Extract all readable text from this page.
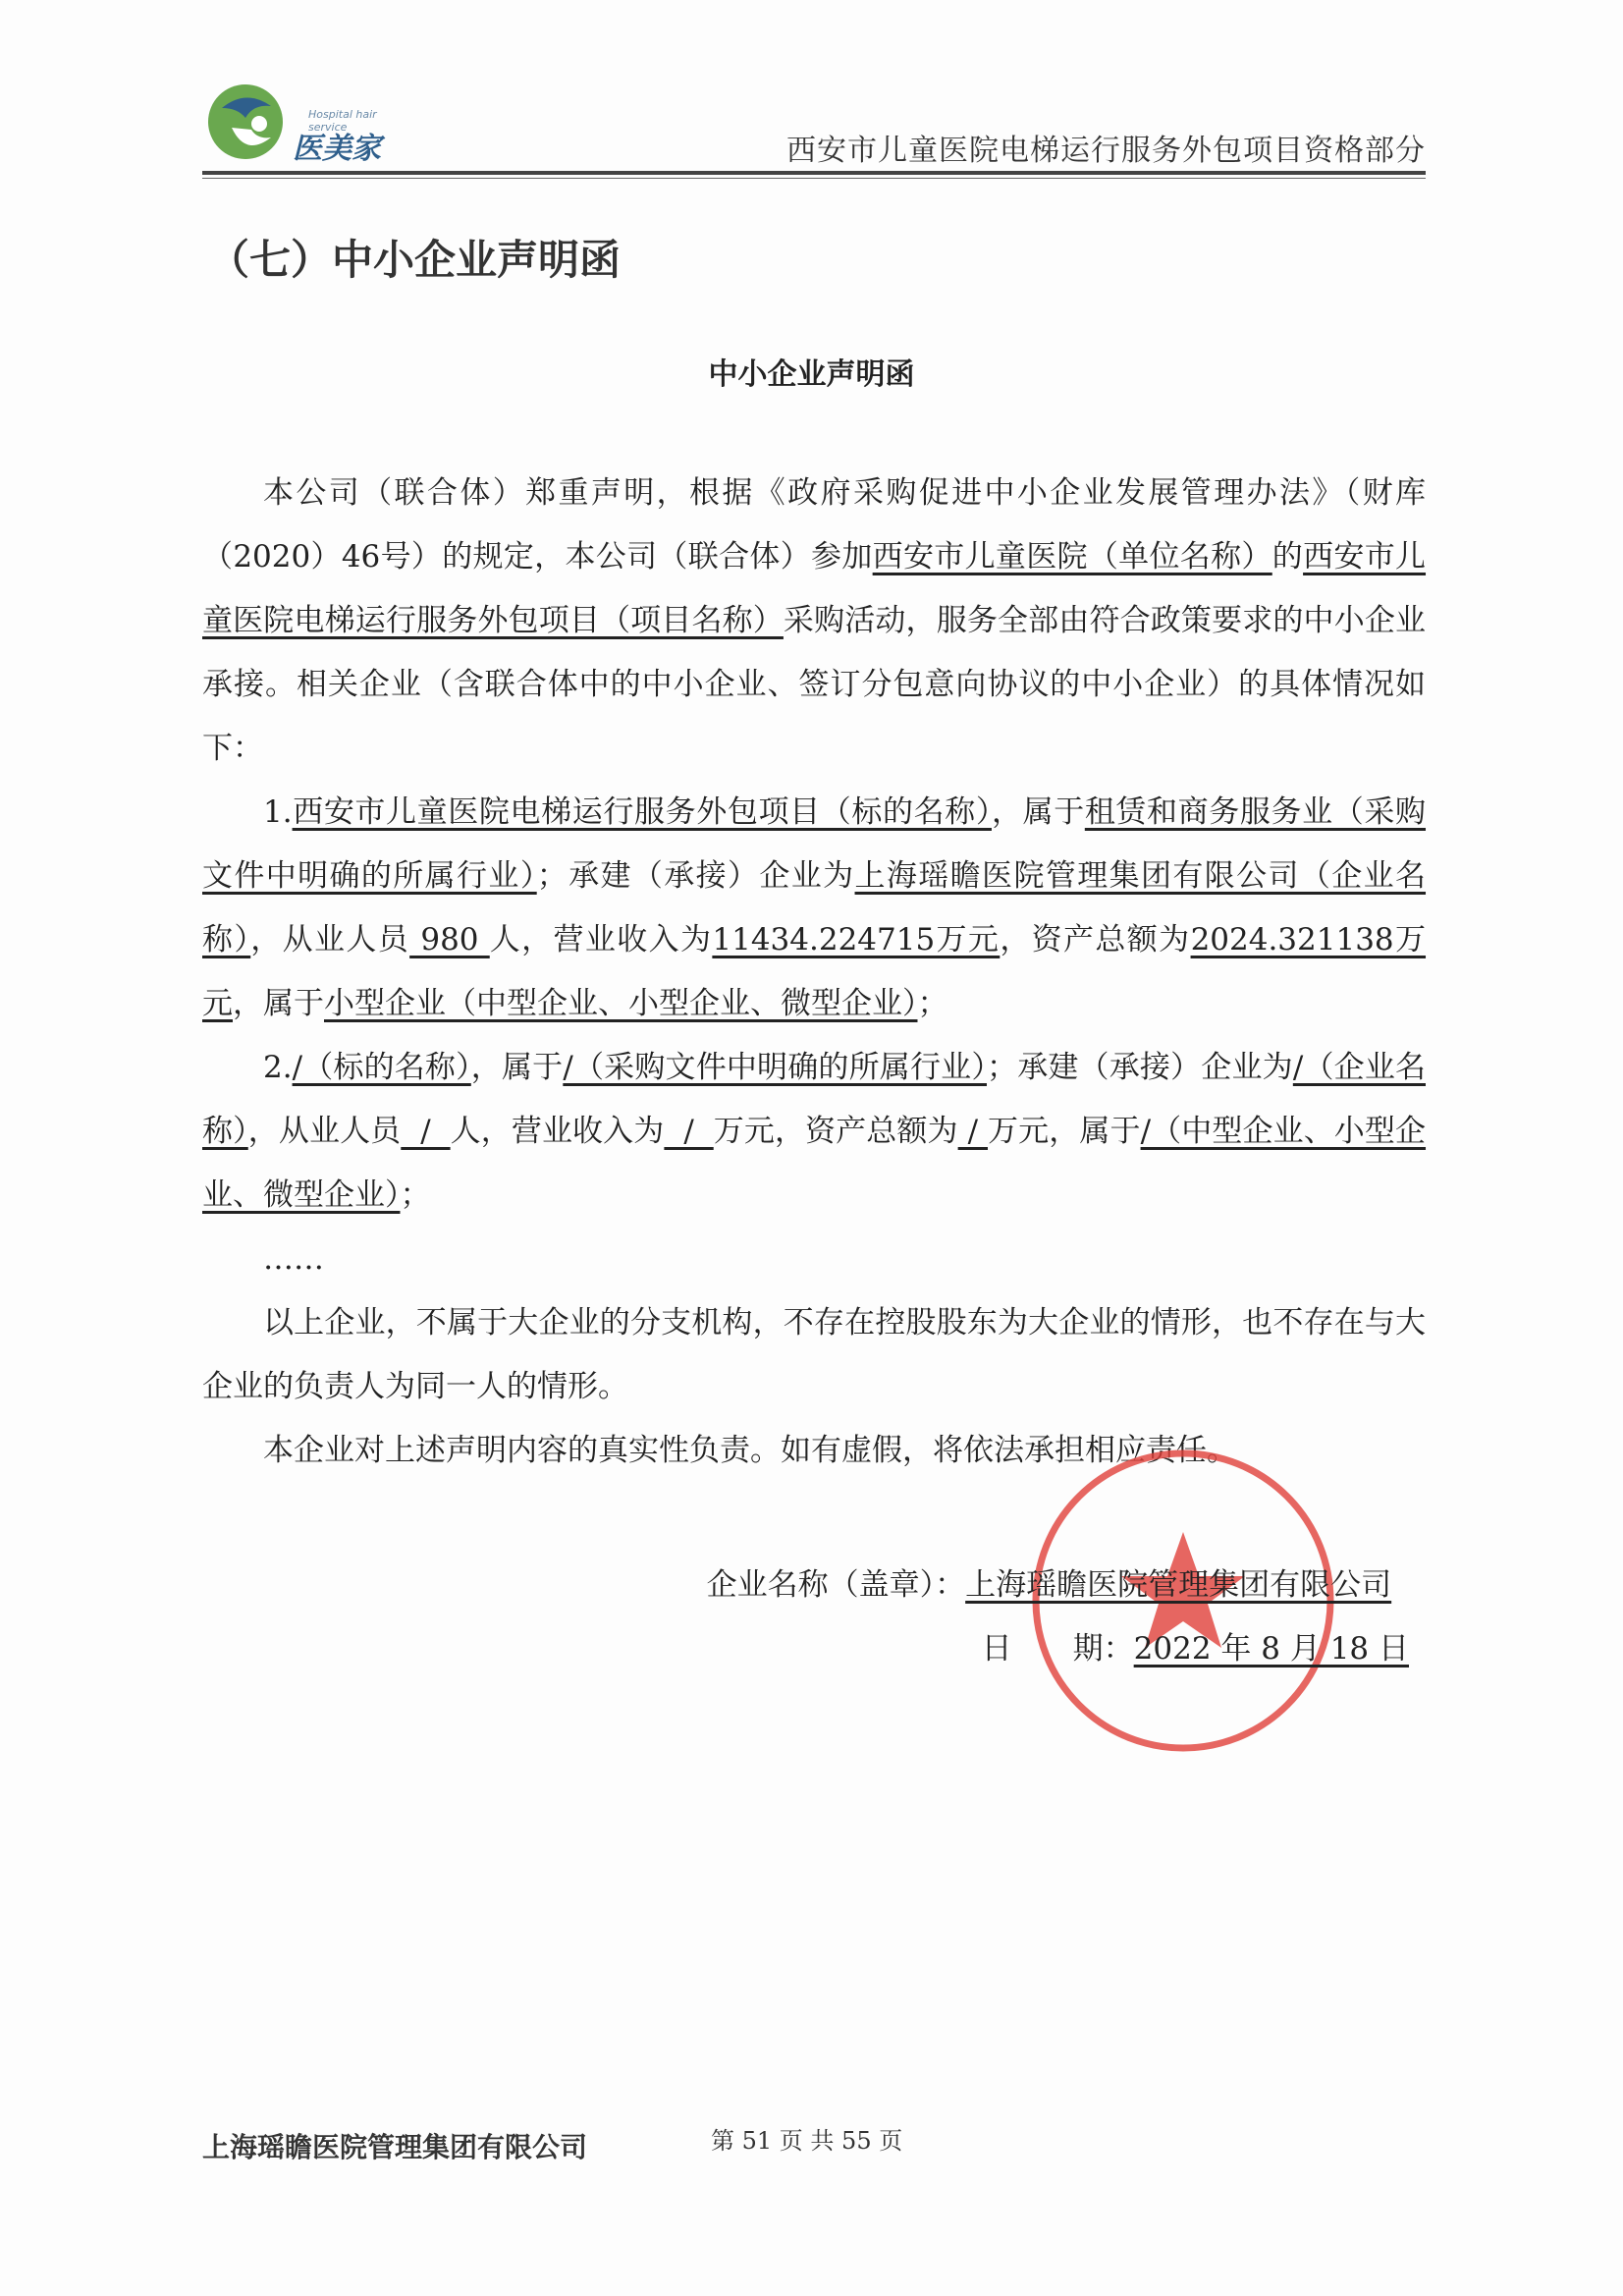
Hospital hair service
医美家	西安市儿童医院电梯运行服务外包项目资格部分
（七）中小企业声明函
中小企业声明函

本公司（联合体）郑重声明，根据《政府采购促进中小企业发展管理办法》（财库（2020）46号）的规定，本公司（联合体）参加西安市儿童医院（单位名称）的西安市儿童医院电梯运行服务外包项目（项目名称）采购活动，服务全部由符合政策要求的中小企业承接。相关企业（含联合体中的中小企业、签订分包意向协议的中小企业）的具体情况如下：

1.西安市儿童医院电梯运行服务外包项目（标的名称），属于租赁和商务服务业（采购文件中明确的所属行业）；承建（承接）企业为上海瑶瞻医院管理集团有限公司（企业名称），从业人员 980 人，营业收入为11434.224715万元，资产总额为2024.321138万元，属于小型企业（中型企业、小型企业、微型企业）；

2./（标的名称），属于/（采购文件中明确的所属行业）；承建（承接）企业为/（企业名称），从业人员  /  人，营业收入为  /  万元，资产总额为 / 万元，属于/（中型企业、小型企业、微型企业）；

……

以上企业，不属于大企业的分支机构，不存在控股股东为大企业的情形，也不存在与大企业的负责人为同一人的情形。

本企业对上述声明内容的真实性负责。如有虚假，将依法承担相应责任。

企业名称（盖章）：上海瑶瞻医院管理集团有限公司
日　　期：2022 年 8 月 18 日
上海瑶瞻医院管理集团有限公司	第 51 页 共 55 页
